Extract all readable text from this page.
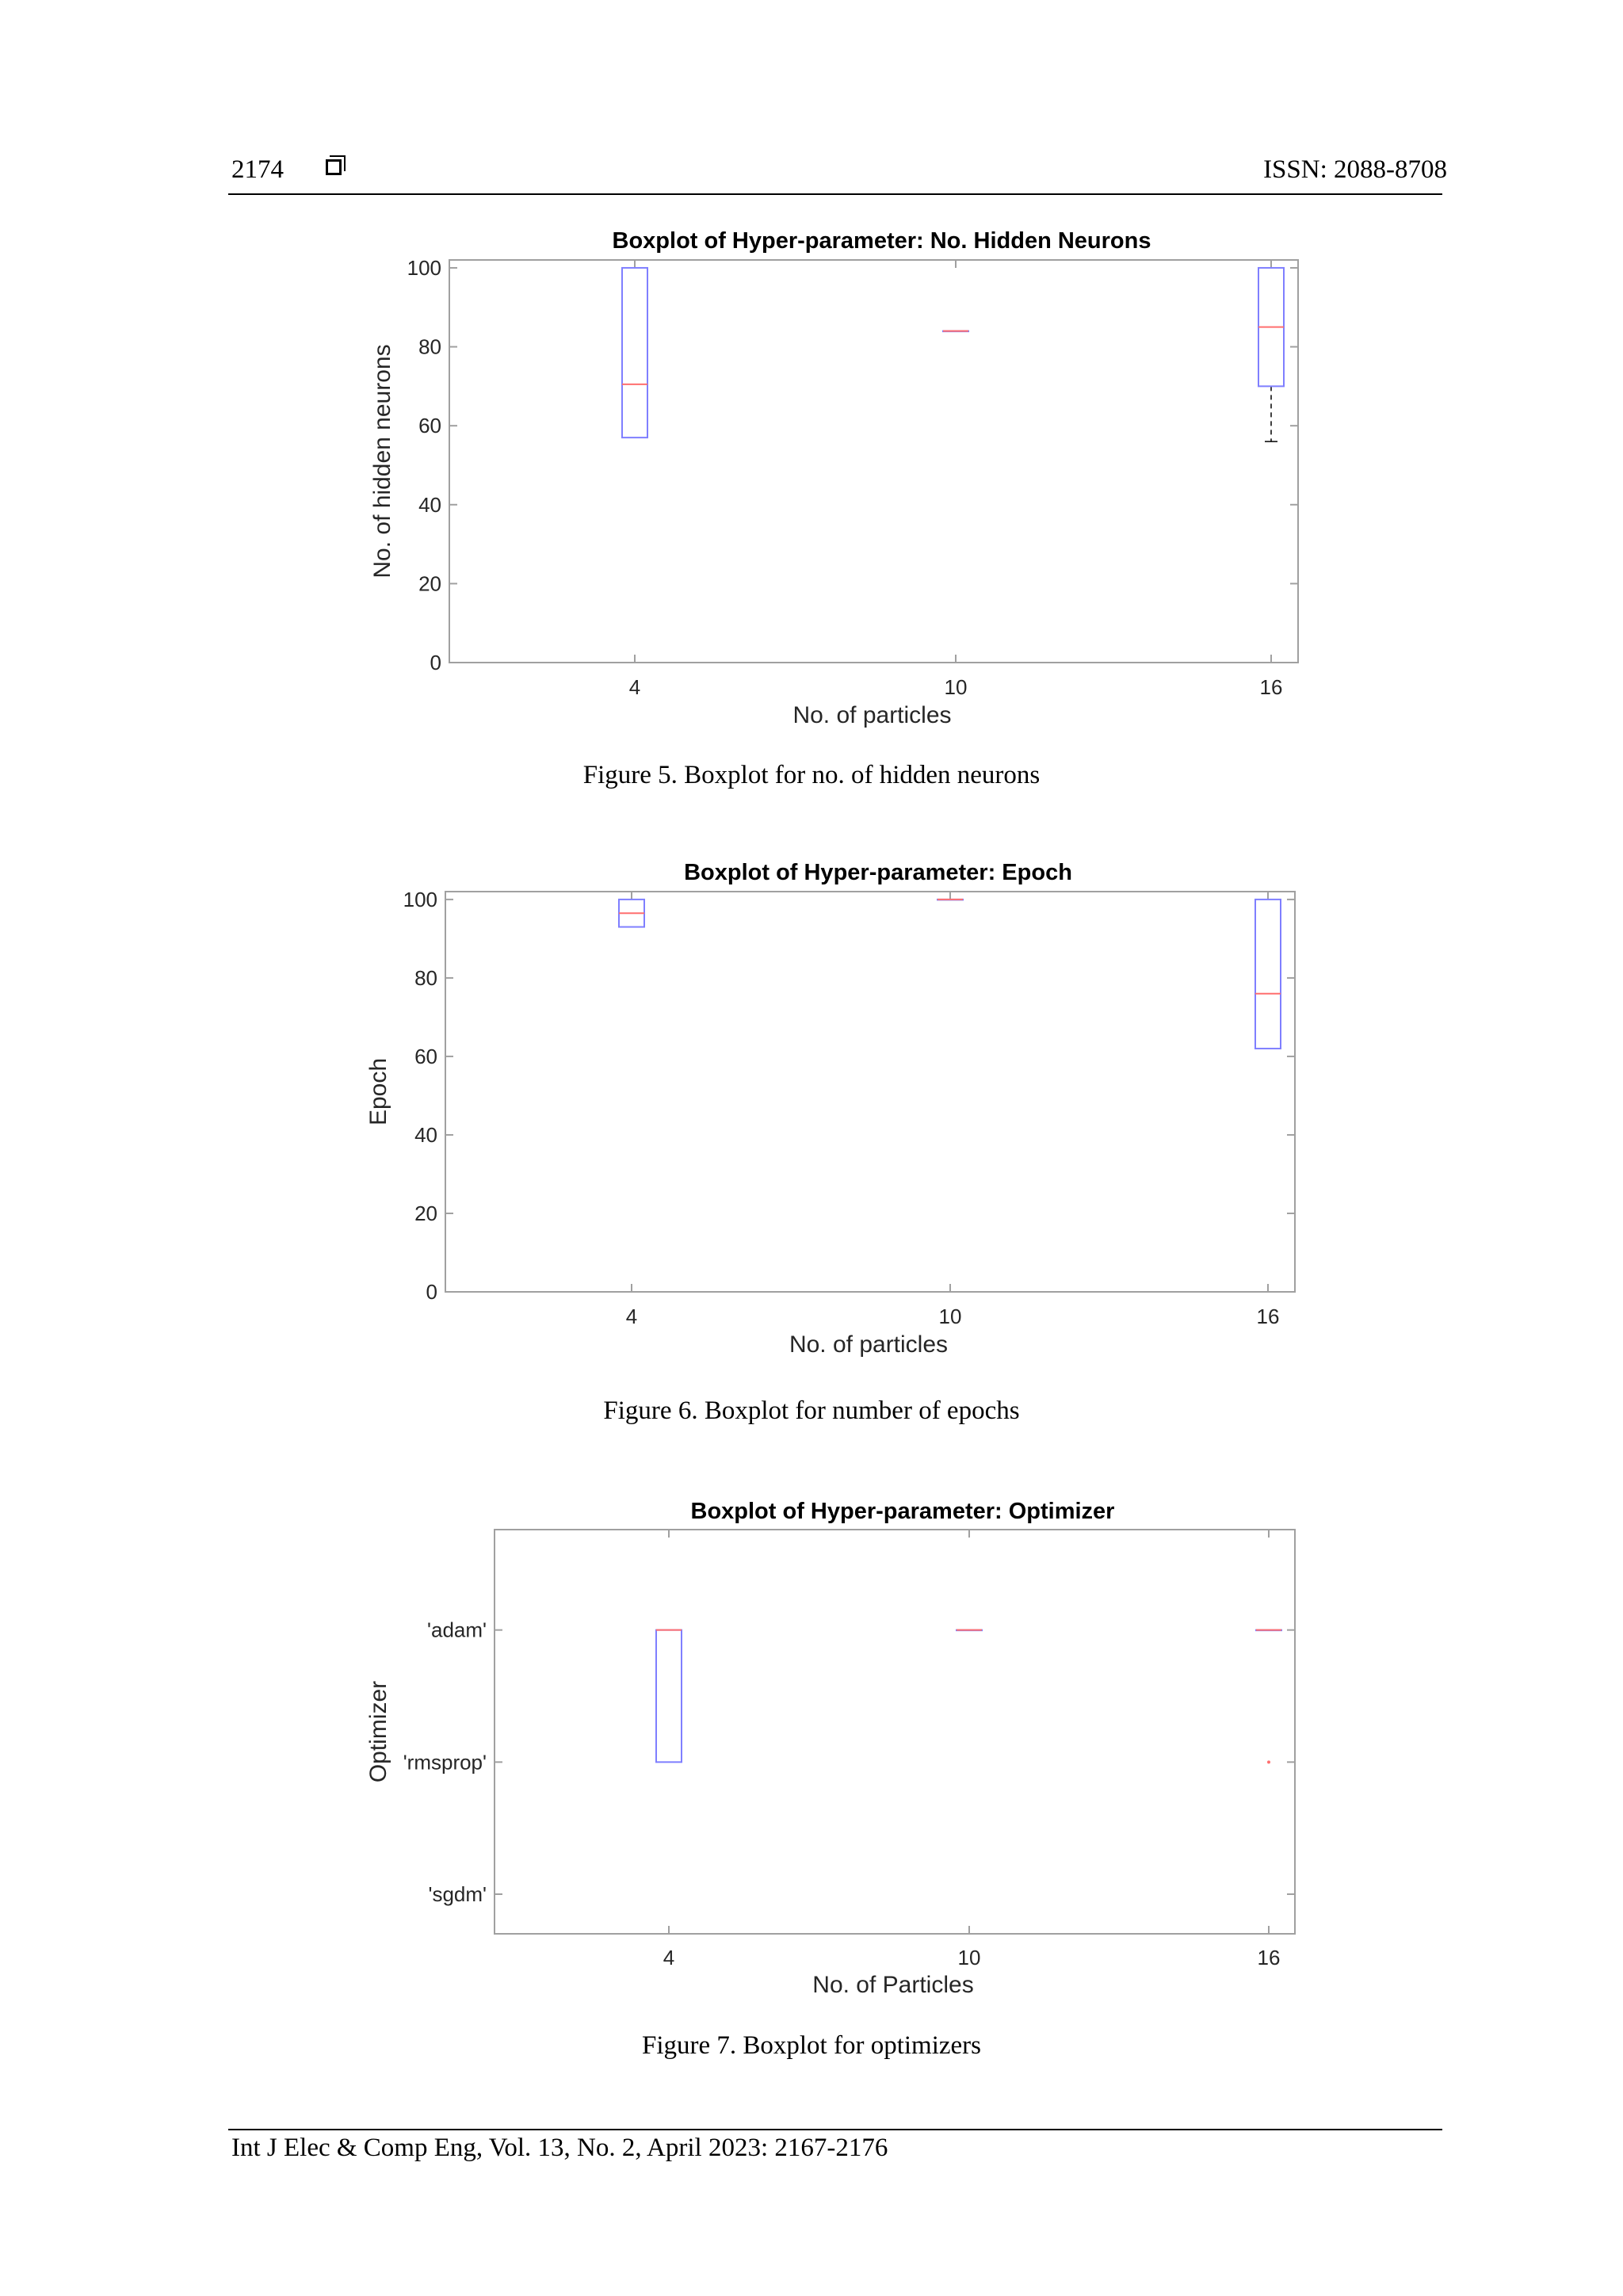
2174	ISSN: 2088-8708
Boxplot of Hyper-parameter: No. Hidden Neurons
0
20
40
60
80
100
4	10	16
No. of particles
No. of hidden neurons
Figure 5. Boxplot for no. of hidden neurons
Boxplot of Hyper-parameter: Epoch
0
20
40
60
80
100
4	10	16
No. of particles
Epoch
Figure 6. Boxplot for number of epochs
Boxplot of Hyper-parameter: Optimizer
'sgdm'
'rmsprop'
'adam'
4	10	16
No. of Particles
Optimizer
Figure 7. Boxplot for optimizers
Int J Elec & Comp Eng, Vol. 13, No. 2, April 2023: 2167-2176
